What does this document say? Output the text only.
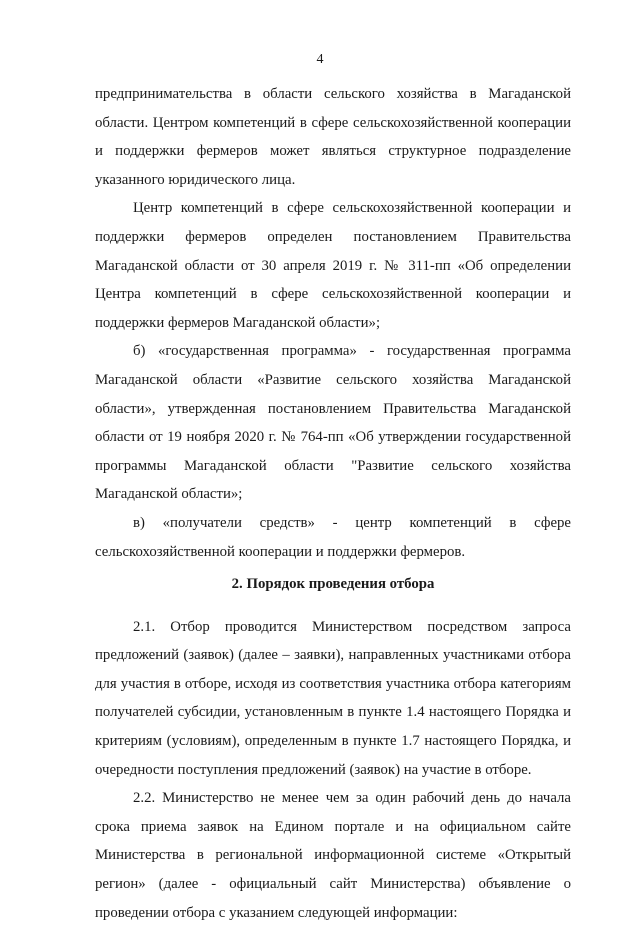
4

предпринимательства в области сельского хозяйства в Магаданской области. Центром компетенций в сфере сельскохозяйственной кооперации и поддержки фермеров может являться структурное подразделение указанного юридического лица.

Центр компетенций в сфере сельскохозяйственной кооперации и поддержки фермеров определен постановлением Правительства Магаданской области от 30 апреля 2019 г. № 311-пп «Об определении Центра компетенций в сфере сельскохозяйственной кооперации и поддержки фермеров Магаданской области»;

б) «государственная программа» - государственная программа Магаданской области «Развитие сельского хозяйства Магаданской области», утвержденная постановлением Правительства Магаданской области от 19 ноября 2020 г. № 764-пп «Об утверждении государственной программы Магаданской области "Развитие сельского хозяйства Магаданской области»;

в) «получатели средств» - центр компетенций в сфере сельскохозяйственной кооперации и поддержки фермеров.

2. Порядок проведения отбора

2.1. Отбор проводится Министерством посредством запроса предложений (заявок) (далее – заявки), направленных участниками отбора для участия в отборе, исходя из соответствия участника отбора категориям получателей субсидии, установленным в пункте 1.4 настоящего Порядка и критериям (условиям), определенным в пункте 1.7 настоящего Порядка, и очередности поступления предложений (заявок) на участие в отборе.

2.2. Министерство не менее чем за один рабочий день до начала срока приема заявок на Едином портале и на официальном сайте Министерства в региональной информационной системе «Открытый регион» (далее - официальный сайт Министерства) объявление о проведении отбора с указанием следующей информации:
